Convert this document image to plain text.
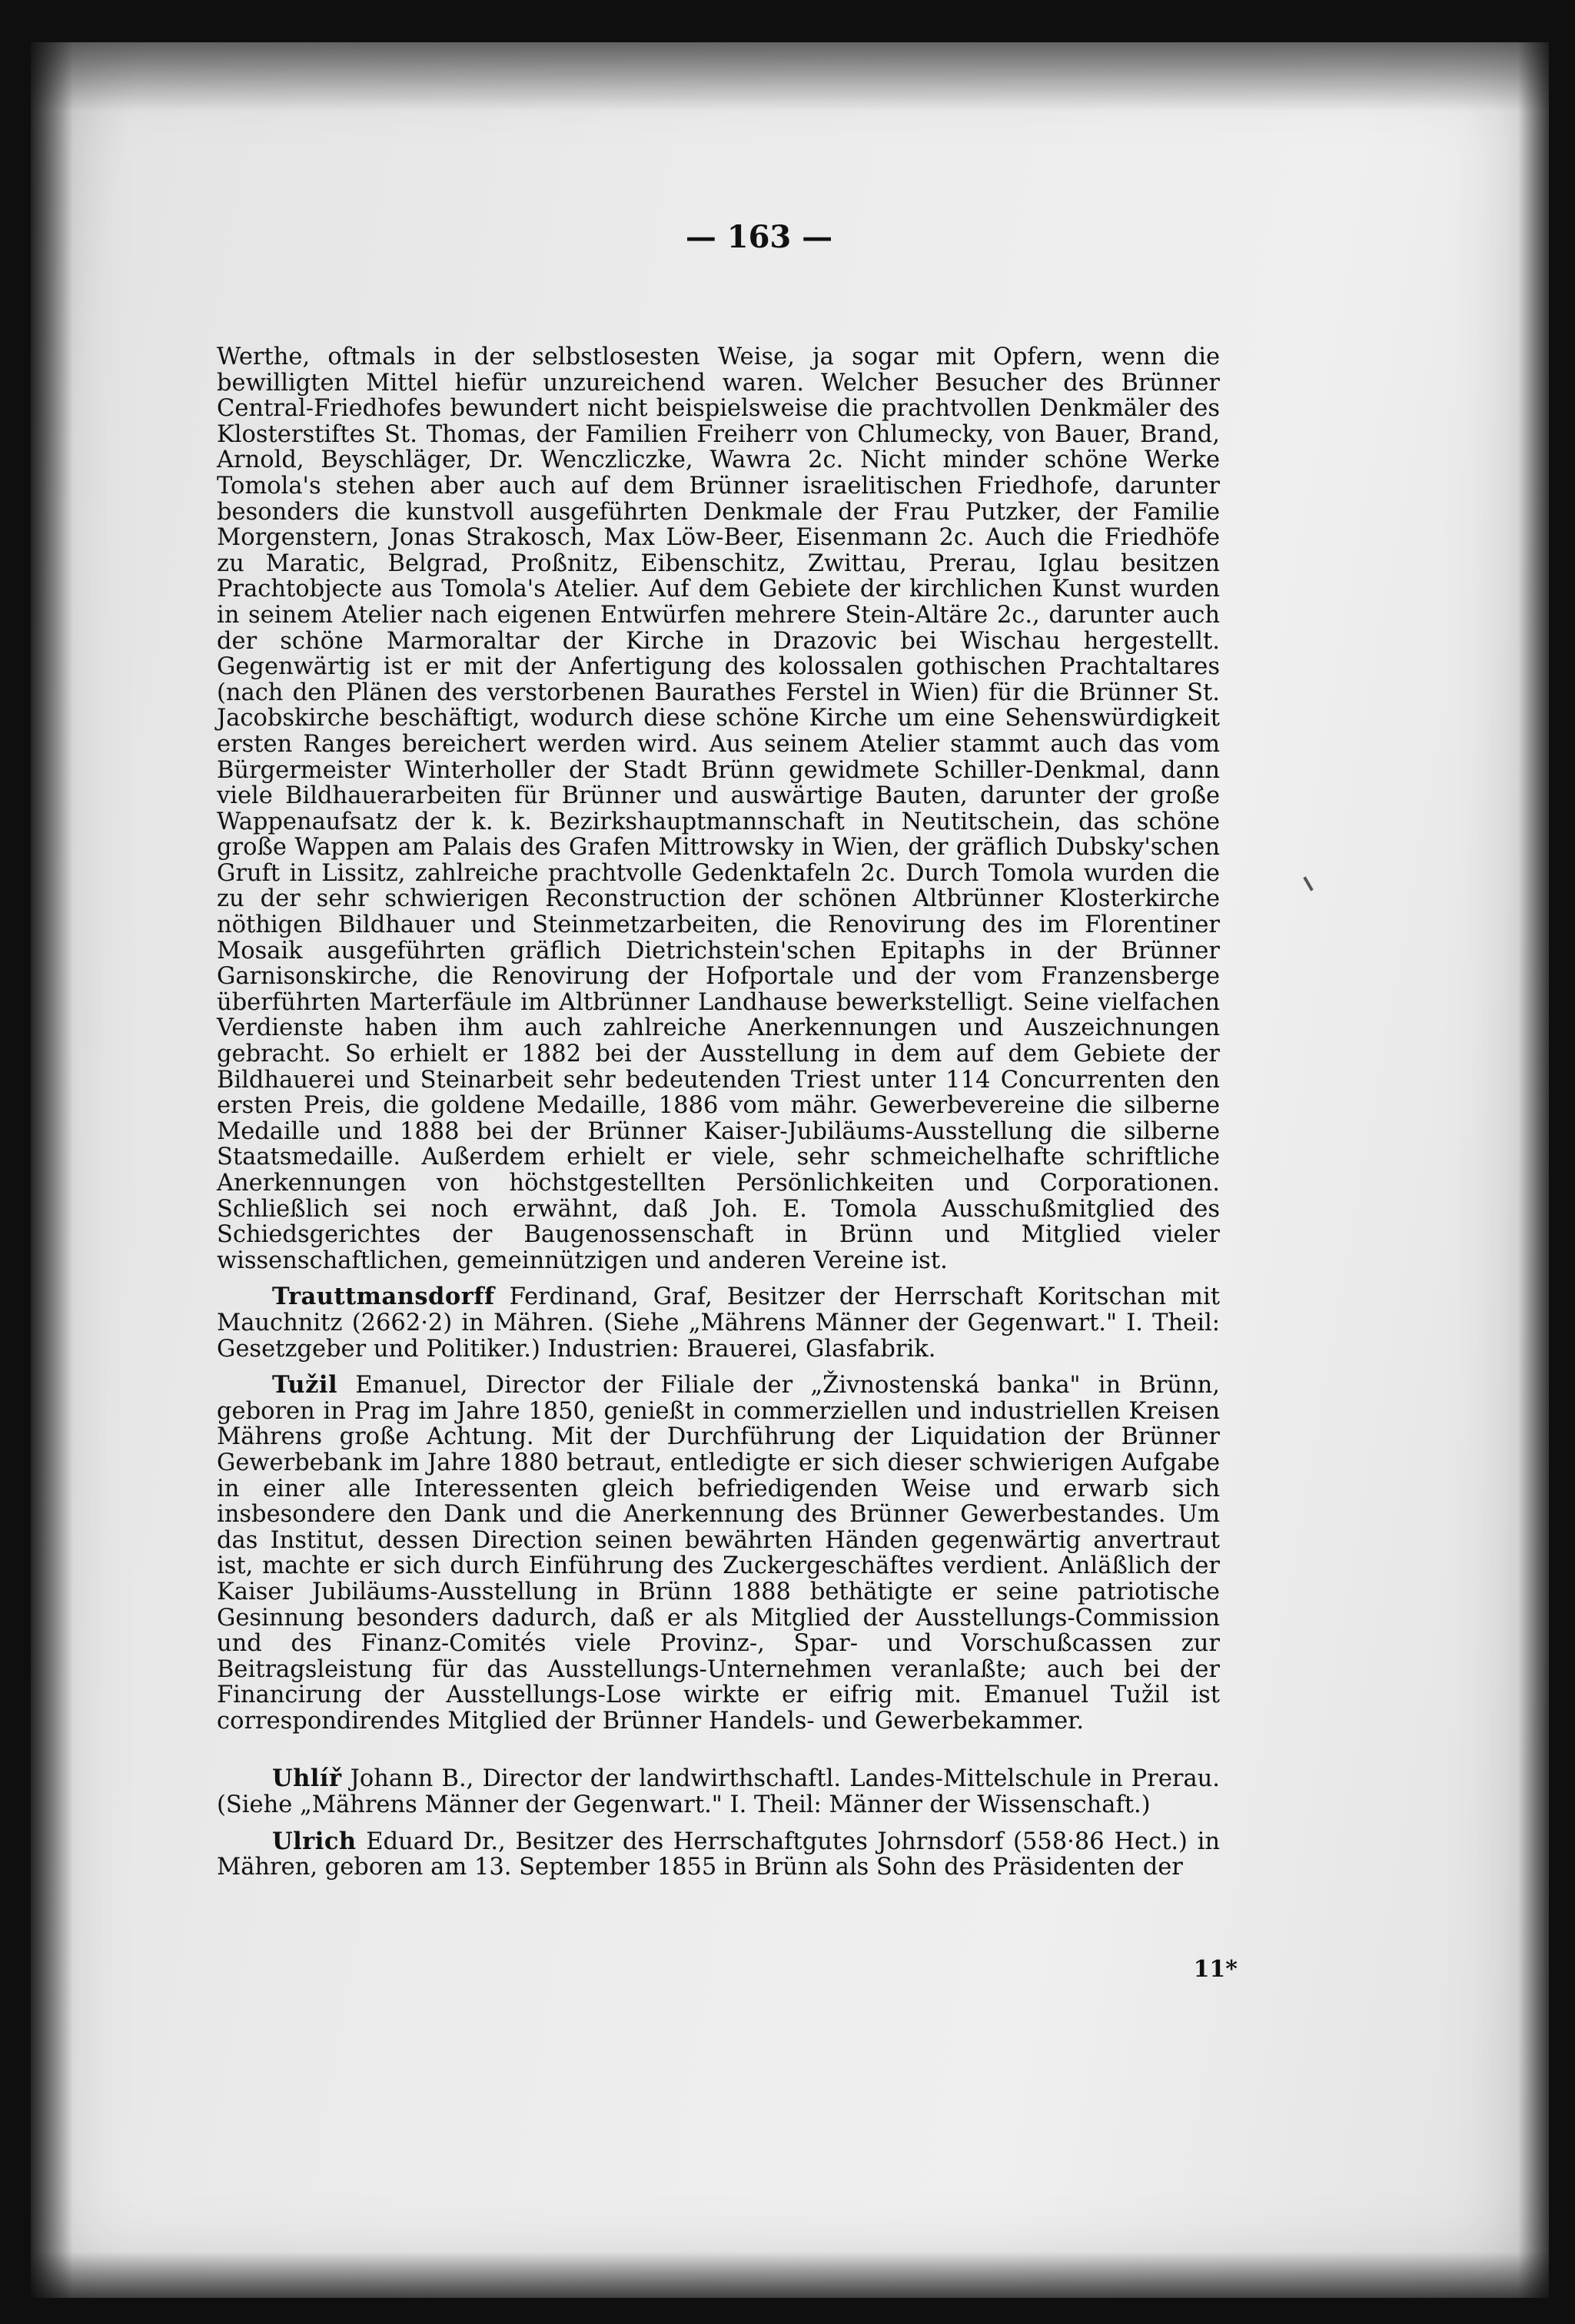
— 163 —

Werthe, oftmals in der selbstlosesten Weise, ja sogar mit Opfern, wenn die bewilligten Mittel hiefür unzureichend waren. Welcher Besucher des Brünner Central-Friedhofes bewundert nicht beispielsweise die prachtvollen Denkmäler des Klosterstiftes St. Thomas, der Familien Freiherr von Chlumecky, von Bauer, Brand, Arnold, Beyschläger, Dr. Wenczliczke, Wawra 2c. Nicht minder schöne Werke Tomola's stehen aber auch auf dem Brünner israelitischen Friedhofe, darunter besonders die kunstvoll ausgeführten Denkmale der Frau Putzker, der Familie Morgenstern, Jonas Strakosch, Max Löw-Beer, Eisenmann 2c. Auch die Friedhöfe zu Maratic, Belgrad, Proßnitz, Eibenschitz, Zwittau, Prerau, Iglau besitzen Prachtobjecte aus Tomola's Atelier. Auf dem Gebiete der kirchlichen Kunst wurden in seinem Atelier nach eigenen Entwürfen mehrere Stein-Altäre 2c., darunter auch der schöne Marmoraltar der Kirche in Drazovic bei Wischau hergestellt. Gegenwärtig ist er mit der Anfertigung des kolossalen gothischen Prachtaltares (nach den Plänen des verstorbenen Baurathes Ferstel in Wien) für die Brünner St. Jacobskirche beschäftigt, wodurch diese schöne Kirche um eine Sehenswürdigkeit ersten Ranges bereichert werden wird. Aus seinem Atelier stammt auch das vom Bürgermeister Winterholler der Stadt Brünn gewidmete Schiller-Denkmal, dann viele Bildhauerarbeiten für Brünner und auswärtige Bauten, darunter der große Wappenaufsatz der k. k. Bezirkshauptmannschaft in Neutitschein, das schöne große Wappen am Palais des Grafen Mittrowsky in Wien, der gräflich Dubsky'schen Gruft in Lissitz, zahlreiche prachtvolle Gedenktafeln 2c. Durch Tomola wurden die zu der sehr schwierigen Reconstruction der schönen Altbrünner Klosterkirche nöthigen Bildhauer und Steinmetzarbeiten, die Renovirung des im Florentiner Mosaik ausgeführten gräflich Dietrichstein'schen Epitaphs in der Brünner Garnisonskirche, die Renovirung der Hofportale und der vom Franzensberge überführten Marterfäule im Altbrünner Landhause bewerkstelligt. Seine vielfachen Verdienste haben ihm auch zahlreiche Anerkennungen und Auszeichnungen gebracht. So erhielt er 1882 bei der Ausstellung in dem auf dem Gebiete der Bildhauerei und Steinarbeit sehr bedeutenden Triest unter 114 Concurrenten den ersten Preis, die goldene Medaille, 1886 vom mähr. Gewerbevereine die silberne Medaille und 1888 bei der Brünner Kaiser-Jubiläums-Ausstellung die silberne Staatsmedaille. Außerdem erhielt er viele, sehr schmeichelhafte schriftliche Anerkennungen von höchstgestellten Persönlichkeiten und Corporationen. Schließlich sei noch erwähnt, daß Joh. E. Tomola Ausschußmitglied des Schiedsgerichtes der Baugenossenschaft in Brünn und Mitglied vieler wissenschaftlichen, gemeinnützigen und anderen Vereine ist.

Trauttmansdorff Ferdinand, Graf, Besitzer der Herrschaft Koritschan mit Mauchnitz (2662·2) in Mähren. (Siehe „Mährens Männer der Gegenwart." I. Theil: Gesetzgeber und Politiker.) Industrien: Brauerei, Glasfabrik.

Tužil Emanuel, Director der Filiale der „Živnostenská banka" in Brünn, geboren in Prag im Jahre 1850, genießt in commerziellen und industriellen Kreisen Mährens große Achtung. Mit der Durchführung der Liquidation der Brünner Gewerbebank im Jahre 1880 betraut, entledigte er sich dieser schwierigen Aufgabe in einer alle Interessenten gleich befriedigenden Weise und erwarb sich insbesondere den Dank und die Anerkennung des Brünner Gewerbestandes. Um das Institut, dessen Direction seinen bewährten Händen gegenwärtig anvertraut ist, machte er sich durch Einführung des Zuckergeschäftes verdient. Anläßlich der Kaiser Jubiläums-Ausstellung in Brünn 1888 bethätigte er seine patriotische Gesinnung besonders dadurch, daß er als Mitglied der Ausstellungs-Commission und des Finanz-Comités viele Provinz-, Spar- und Vorschußcassen zur Beitragsleistung für das Ausstellungs-Unternehmen veranlaßte; auch bei der Financirung der Ausstellungs-Lose wirkte er eifrig mit. Emanuel Tužil ist correspondirendes Mitglied der Brünner Handels- und Gewerbekammer.

Uhlíř Johann B., Director der landwirthschaftl. Landes-Mittelschule in Prerau. (Siehe „Mährens Männer der Gegenwart." I. Theil: Männer der Wissenschaft.)

Ulrich Eduard Dr., Besitzer des Herrschaftgutes Johrnsdorf (558·86 Hect.) in Mähren, geboren am 13. September 1855 in Brünn als Sohn des Präsidenten der

11*
